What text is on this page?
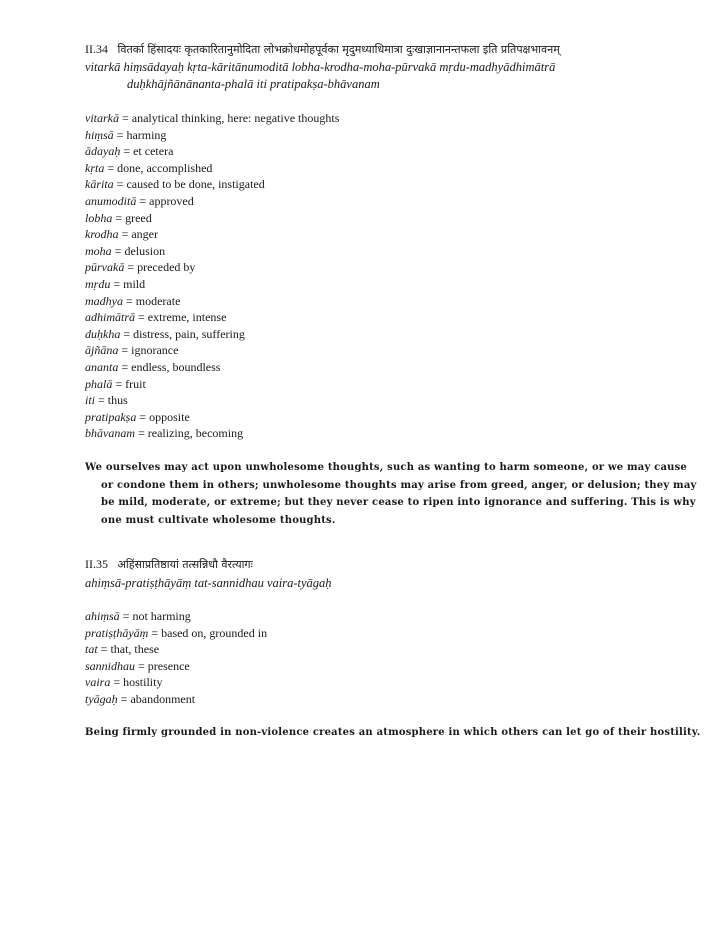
II.34 वितर्का हिंसादयः कृतकारितानुमोदिता लोभक्रोधमोहपूर्वका मृदुमध्याधिमात्रा दुःखाज्ञानानन्तफला इति प्रतिपक्षभावनम्
vitarkā hiṃsādayaḥ kṛta-kāritānumoditā lobha-krodha-moha-pūrvakā mṛdu-madhyādhimātrā
duḥkhājñānānanta-phalā iti pratipakṣa-bhāvanam
vitarkā = analytical thinking, here: negative thoughts
hiṃsā = harming
ādayaḥ = et cetera
kṛta = done, accomplished
kārita = caused to be done, instigated
anumoditā = approved
lobha = greed
krodha = anger
moha = delusion
pūrvakā = preceded by
mṛdu = mild
madhya = moderate
adhimātrā = extreme, intense
duḥkha = distress, pain, suffering
ājñāna = ignorance
ananta = endless, boundless
phalā = fruit
iti = thus
pratipakṣa = opposite
bhāvanam = realizing, becoming
We ourselves may act upon unwholesome thoughts, such as wanting to harm someone, or we may cause or condone them in others; unwholesome thoughts may arise from greed, anger, or delusion; they may be mild, moderate, or extreme; but they never cease to ripen into ignorance and suffering. This is why one must cultivate wholesome thoughts.
II.35 अहिंसाप्रतिष्ठायां तत्सन्निधौ वैरत्यागः
ahiṃsā-pratiṣṭhāyāṃ tat-sannidhau vaira-tyāgaḥ
ahiṃsā = not harming
pratiṣṭhāyāṃ = based on, grounded in
tat = that, these
sannidhau = presence
vaira = hostility
tyāgaḥ = abandonment
Being firmly grounded in non-violence creates an atmosphere in which others can let go of their hostility.
